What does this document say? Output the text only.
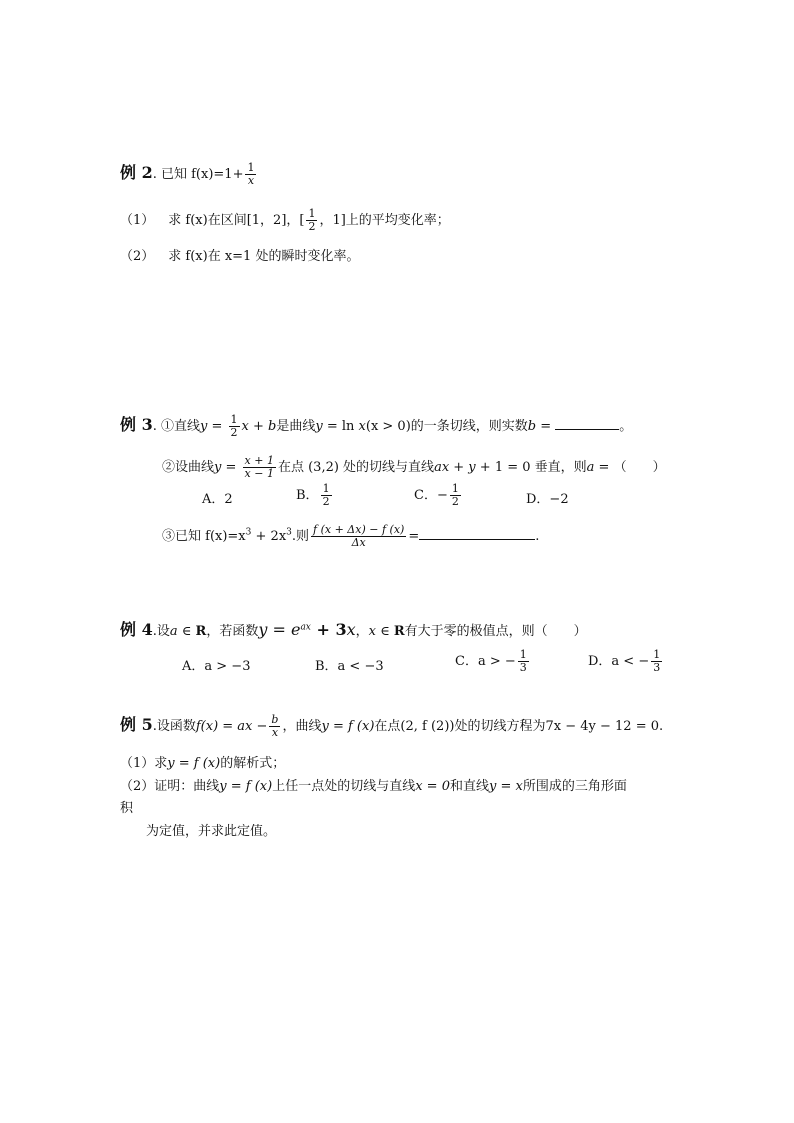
例 2. 已知 $f(x)=1+ \frac{1}{x}$
（1） 求 f(x)在区间[1，2]，[ $\frac{1}{2}$ ，1]上的平均变化率；
（2） 求 f(x)在 x=1 处的瞬时变化率。
例 3. ①直线$y = \frac{1}{2}$ x + b是曲线y = ln x(x > 0)的一条切线，则实数b =	。
②设曲线$y = \frac{x + 1}{x - 1}$ 在点 (3,2) 处的切线与直线ax + y + 1 = 0 垂直，则a = （　　）
A．2	B． $\frac{1}{2}$	C．− $\frac{1}{2}$	D．−2
③已知 $f(x)=x^3 + 2x^3$.则 $\frac{f (x + \Delta x) - f (x)}{\Delta x}$ =	.
例 4.设a ∈ R，若函数$y = e^{ax} + 3x$，x ∈ R有大于零的极值点，则（　　）
A．a > −3	B．a < −3	C．a > − $\frac{1}{3}$	D．a < − $\frac{1}{3}$
例 5.设函数f(x) = ax − $\frac{b}{x}$ ，曲线y = f (x)在点(2, f (2))处的切线方程为7x − 4y − 12 = 0.
（1）求y = f (x)的解析式；
（2）证明：曲线y = f (x)上任一点处的切线与直线x = 0和直线y = x所围成的三角形面
积
为定值，并求此定值。
